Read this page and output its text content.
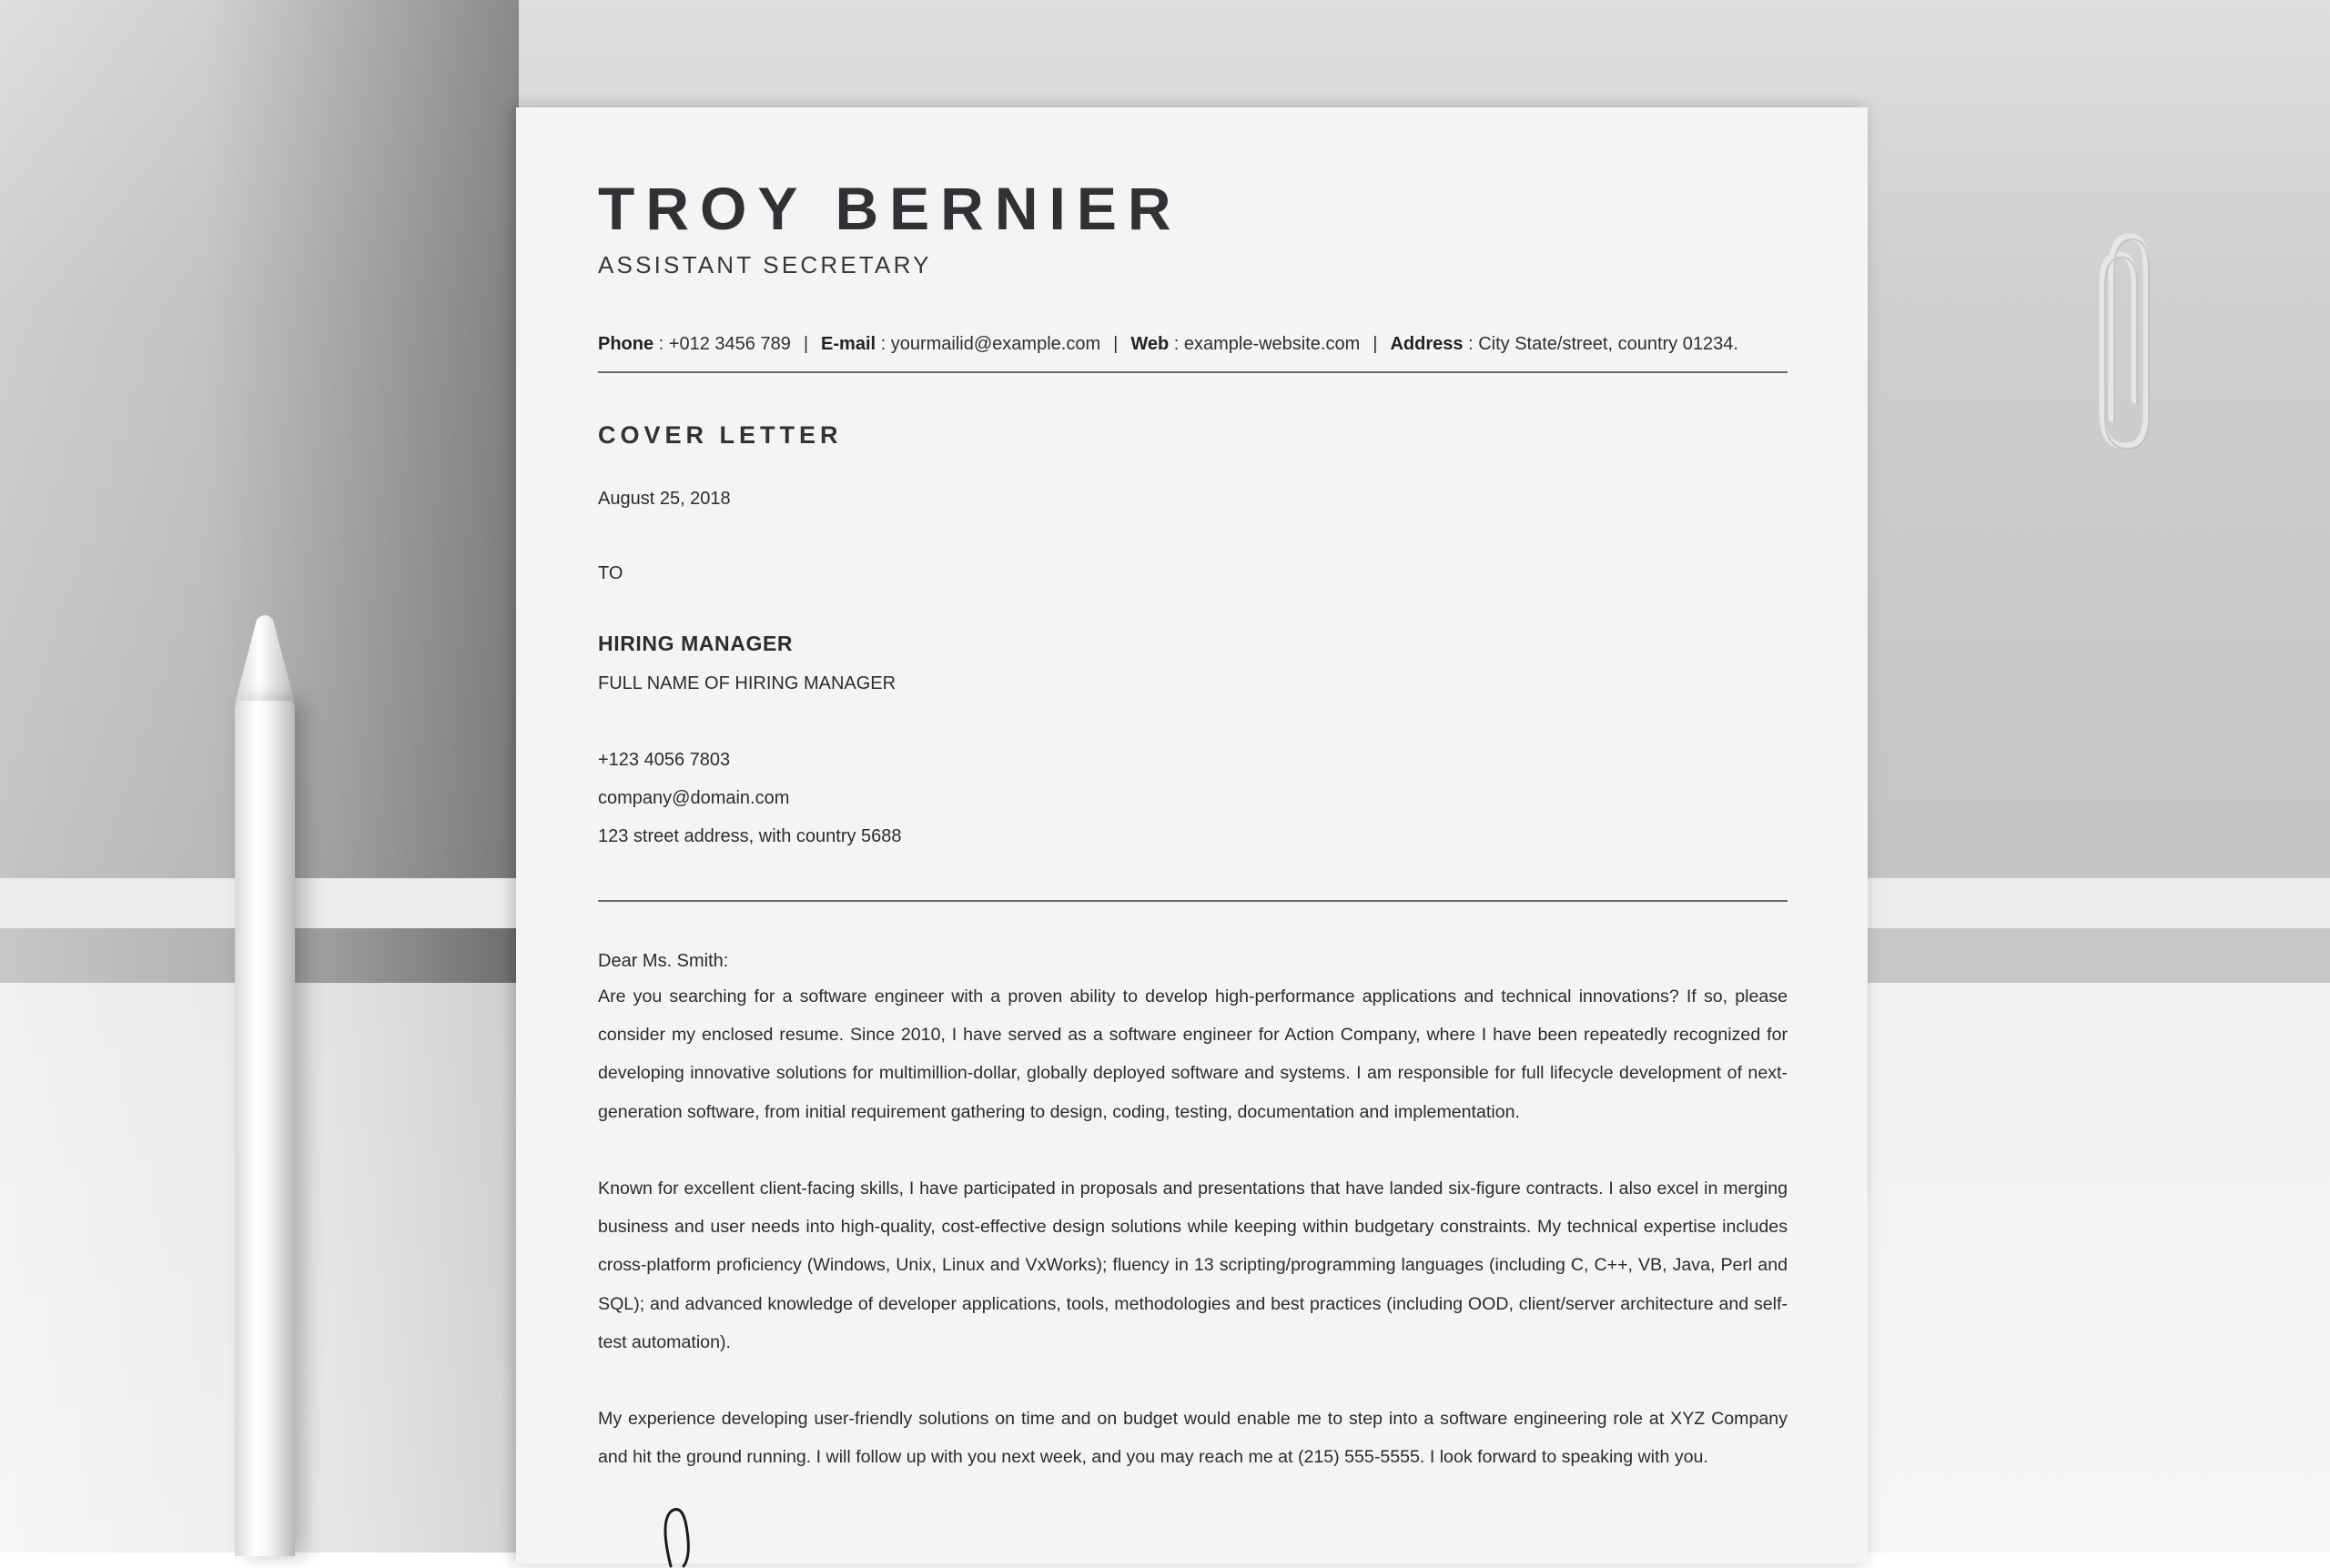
TROY BERNIER
ASSISTANT SECRETARY
Phone : +012 3456 789 | E-mail : yourmailid@example.com | Web : example-website.com | Address : City State/street, country 01234.
COVER LETTER
August 25, 2018
TO
HIRING MANAGER
FULL NAME OF HIRING MANAGER
+123 4056 7803
company@domain.com
123 street address, with country 5688
Dear Ms. Smith:
Are you searching for a software engineer with a proven ability to develop high-performance applications and technical innovations? If so, please consider my enclosed resume. Since 2010, I have served as a software engineer for Action Company, where I have been repeatedly recognized for developing innovative solutions for multimillion-dollar, globally deployed software and systems. I am responsible for full lifecycle development of next-generation software, from initial requirement gathering to design, coding, testing, documentation and implementation.
Known for excellent client-facing skills, I have participated in proposals and presentations that have landed six-figure contracts. I also excel in merging business and user needs into high-quality, cost-effective design solutions while keeping within budgetary constraints. My technical expertise includes cross-platform proficiency (Windows, Unix, Linux and VxWorks); fluency in 13 scripting/programming languages (including C, C++, VB, Java, Perl and SQL); and advanced knowledge of developer applications, tools, methodologies and best practices (including OOD, client/server architecture and self-test automation).
My experience developing user-friendly solutions on time and on budget would enable me to step into a software engineering role at XYZ Company and hit the ground running. I will follow up with you next week, and you may reach me at (215) 555-5555. I look forward to speaking with you.
